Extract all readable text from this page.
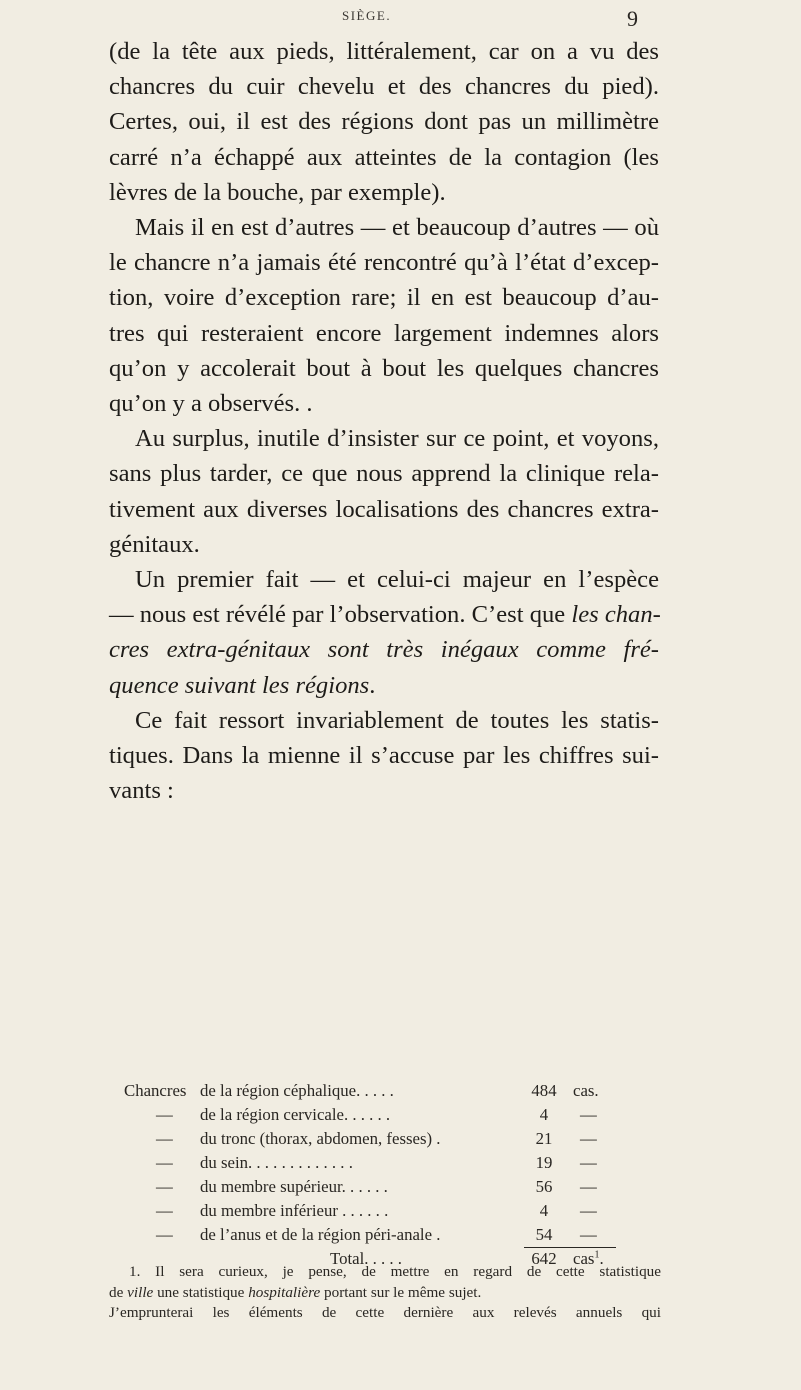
SIÈGE.	9
(de la tête aux pieds, littéralement, car on a vu des
chancres du cuir chevelu et des chancres du pied).
Certes, oui, il est des régions dont pas un millimètre
carré n’a échappé aux atteintes de la contagion (les
lèvres de la bouche, par exemple).
Mais il en est d’autres — et beaucoup d’autres — où
le chancre n’a jamais été rencontré qu’à l’état d’excep-
tion, voire d’exception rare; il en est beaucoup d’au-
tres qui resteraient encore largement indemnes alors
qu’on y accolerait bout à bout les quelques chancres
qu’on y a observés. .
Au surplus, inutile d’insister sur ce point, et voyons,
sans plus tarder, ce que nous apprend la clinique rela-
tivement aux diverses localisations des chancres extra-
génitaux.
Un premier fait — et celui-ci majeur en l’espèce
— nous est révélé par l’observation. C’est que les chan-
cres extra-génitaux sont très inégaux comme fré-
quence suivant les régions.
Ce fait ressort invariablement de toutes les statis-
tiques. Dans la mienne il s’accuse par les chiffres sui-
vants :
Chancres de la région céphalique. . . . .	484 cas.
— de la région cervicale. . . . . .	4	—
— du tronc (thorax, abdomen, fesses) .	21	—
— du sein. . . . . . . . . . . . .	19	—
— du membre supérieur. . . . . .	56	—
— du membre inférieur . . . . . .	4	—
— de l’anus et de la région péri-anale .	54	—
Total. . . . .	642 cas$^1$.
1. Il sera curieux, je pense, de mettre en regard de cette statistique
de ville une statistique hospitalière portant sur le même sujet.
J’emprunterai les éléments de cette dernière aux relevés annuels qui
